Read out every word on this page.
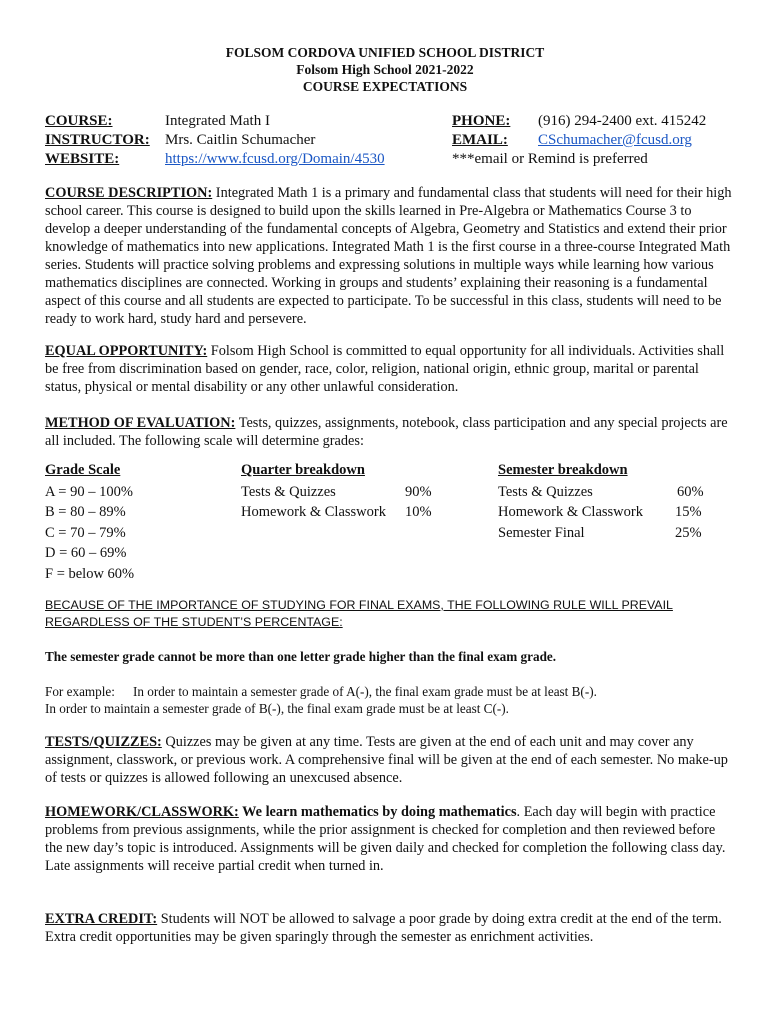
FOLSOM CORDOVA UNIFIED SCHOOL DISTRICT
Folsom High School 2021-2022
COURSE EXPECTATIONS
COURSE:	Integrated Math I
INSTRUCTOR:	Mrs. Caitlin Schumacher
WEBSITE:	https://www.fcusd.org/Domain/4530
PHONE:	(916) 294-2400 ext. 415242
EMAIL:	CSchumacher@fcusd.org
***email or Remind is preferred
COURSE DESCRIPTION: Integrated Math 1 is a primary and fundamental class that students will need for their high school career. This course is designed to build upon the skills learned in Pre-Algebra or Mathematics Course 3 to develop a deeper understanding of the fundamental concepts of Algebra, Geometry and Statistics and extend their prior knowledge of mathematics into new applications. Integrated Math 1 is the first course in a three-course Integrated Math series. Students will practice solving problems and expressing solutions in multiple ways while learning how various mathematics disciplines are connected. Working in groups and students’ explaining their reasoning is a fundamental aspect of this course and all students are expected to participate. To be successful in this class, students will need to be ready to work hard, study hard and persevere.
EQUAL OPPORTUNITY: Folsom High School is committed to equal opportunity for all individuals. Activities shall be free from discrimination based on gender, race, color, religion, national origin, ethnic group, marital or parental status, physical or mental disability or any other unlawful consideration.
METHOD OF EVALUATION: Tests, quizzes, assignments, notebook, class participation and any special projects are all included. The following scale will determine grades:
Grade Scale
A = 90 – 100%
B = 80 – 89%
C = 70 – 79%
D = 60 – 69%
F = below 60%
Quarter breakdown
Tests & Quizzes	90%
Homework & Classwork 10%
Semester breakdown
Tests & Quizzes	60%
Homework & Classwork 15%
Semester Final	25%
BECAUSE OF THE IMPORTANCE OF STUDYING FOR FINAL EXAMS, THE FOLLOWING RULE WILL PREVAIL REGARDLESS OF THE STUDENT’S PERCENTAGE:
The semester grade cannot be more than one letter grade higher than the final exam grade.
For example: In order to maintain a semester grade of A(-), the final exam grade must be at least B(-).
In order to maintain a semester grade of B(-), the final exam grade must be at least C(-).
TESTS/QUIZZES: Quizzes may be given at any time. Tests are given at the end of each unit and may cover any assignment, classwork, or previous work. A comprehensive final will be given at the end of each semester. No make-up of tests or quizzes is allowed following an unexcused absence.
HOMEWORK/CLASSWORK: We learn mathematics by doing mathematics. Each day will begin with practice problems from previous assignments, while the prior assignment is checked for completion and then reviewed before the new day’s topic is introduced. Assignments will be given daily and checked for completion the following class day. Late assignments will receive partial credit when turned in.
EXTRA CREDIT: Students will NOT be allowed to salvage a poor grade by doing extra credit at the end of the term. Extra credit opportunities may be given sparingly through the semester as enrichment activities.
